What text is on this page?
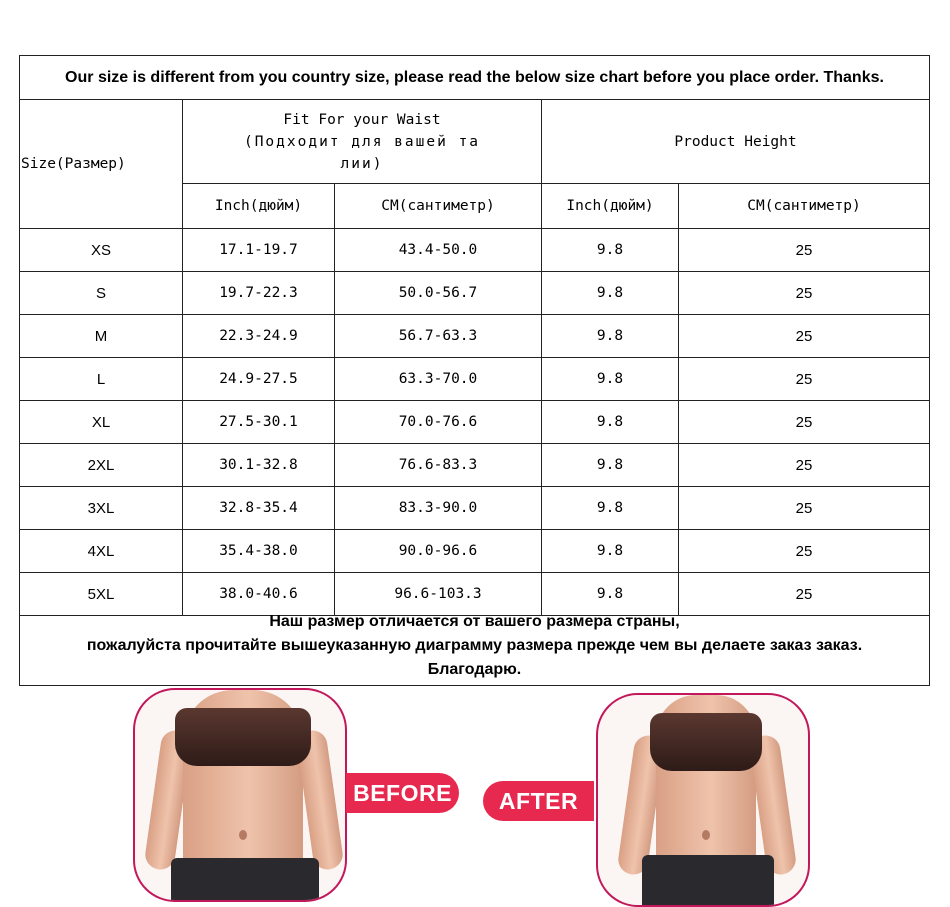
Our size is different from you country size, please read the below size chart before you place order. Thanks.
Size(Размер)
Fit For your Waist
(Подходит для вашей та
лии)
Product Height
Inch(дюйм)	CM(сантиметр)	Inch(дюйм)	CM(сантиметр)
XS	17.1-19.7	43.4-50.0	9.8	25
S	19.7-22.3	50.0-56.7	9.8	25
M	22.3-24.9	56.7-63.3	9.8	25
L	24.9-27.5	63.3-70.0	9.8	25
XL	27.5-30.1	70.0-76.6	9.8	25
2XL	30.1-32.8	76.6-83.3	9.8	25
3XL	32.8-35.4	83.3-90.0	9.8	25
4XL	35.4-38.0	90.0-96.6	9.8	25
5XL	38.0-40.6	96.6-103.3	9.8	25
Наш размер отличается от вашего размера страны,
пожалуйста прочитайте вышеуказанную диаграмму размера прежде чем вы делаете заказ заказ.
Благодарю.
BEFORE	AFTER
